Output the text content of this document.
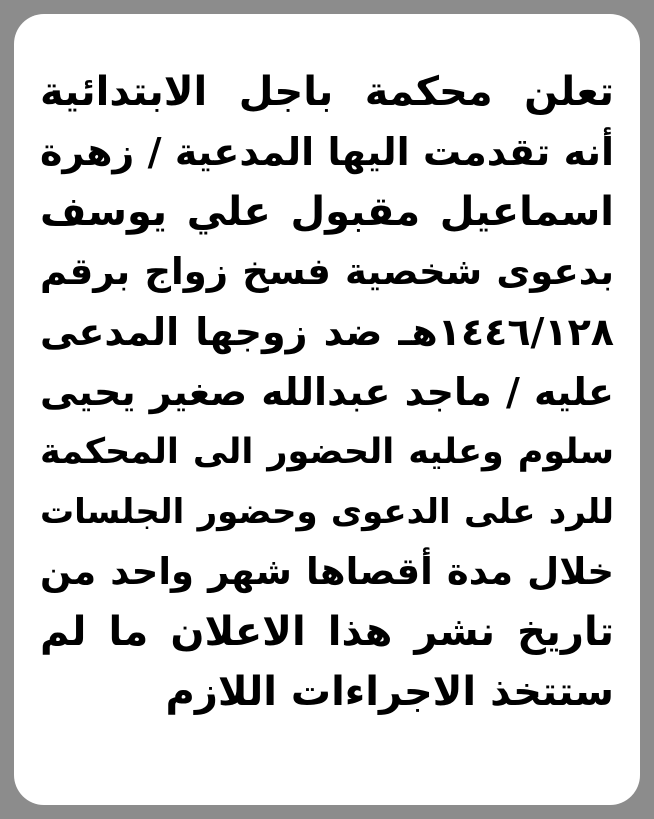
تعلن محكمة باجل الابتدائية
أنه تقدمت اليها المدعية / زهرة
اسماعيل مقبول علي يوسف
بدعوى شخصية فسخ زواج برقم
١٤٤٦/١٢٨هـ ضد زوجها المدعى
عليه / ماجد عبدالله صغير يحيى
سلوم وعليه الحضور الى المحكمة
للرد على الدعوى وحضور الجلسات
خلال مدة أقصاها شهر واحد من
تاريخ نشر هذا الاعلان ما لم
ستتخذ الاجراءات اللازم
